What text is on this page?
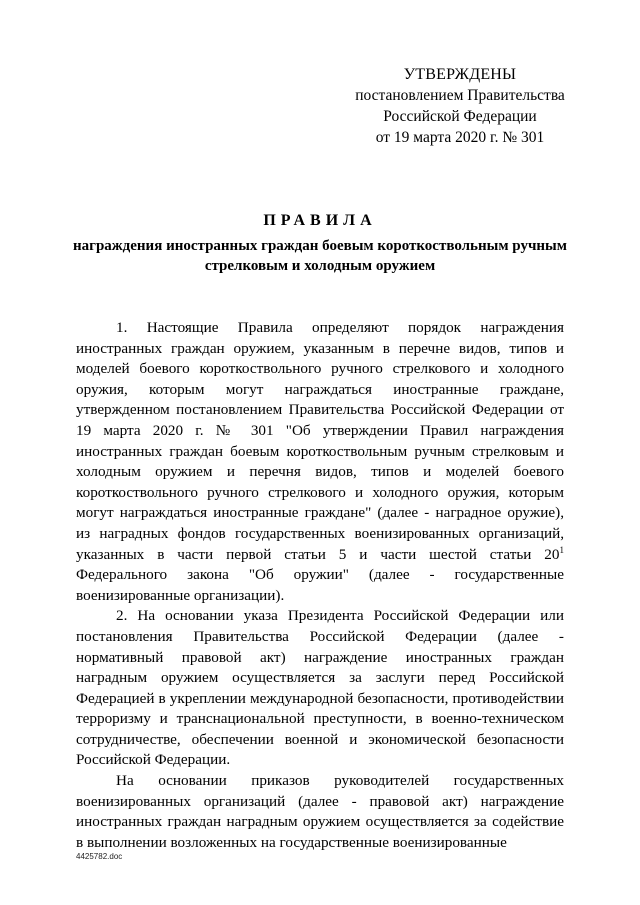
УТВЕРЖДЕНЫ
постановлением Правительства
Российской Федерации
от 19 марта 2020 г. № 301
ПРАВИЛА
награждения иностранных граждан боевым короткоствольным ручным стрелковым и холодным оружием

1. Настоящие Правила определяют порядок награждения иностранных граждан оружием, указанным в перечне видов, типов и моделей боевого короткоствольного ручного стрелкового и холодного оружия, которым могут награждаться иностранные граждане, утвержденном постановлением Правительства Российской Федерации от 19 марта 2020 г. № 301 "Об утверждении Правил награждения иностранных граждан боевым короткоствольным ручным стрелковым и холодным оружием и перечня видов, типов и моделей боевого короткоствольного ручного стрелкового и холодного оружия, которым могут награждаться иностранные граждане" (далее - наградное оружие), из наградных фондов государственных военизированных организаций, указанных в части первой статьи 5 и части шестой статьи $20^1$ Федерального закона "Об оружии" (далее - государственные военизированные организации).

2. На основании указа Президента Российской Федерации или постановления Правительства Российской Федерации (далее - нормативный правовой акт) награждение иностранных граждан наградным оружием осуществляется за заслуги перед Российской Федерацией в укреплении международной безопасности, противодействии терроризму и транснациональной преступности, в военно-техническом сотрудничестве, обеспечении военной и экономической безопасности Российской Федерации.

На основании приказов руководителей государственных военизированных организаций (далее - правовой акт) награждение иностранных граждан наградным оружием осуществляется за содействие в выполнении возложенных на государственные военизированные

4425782.doc
